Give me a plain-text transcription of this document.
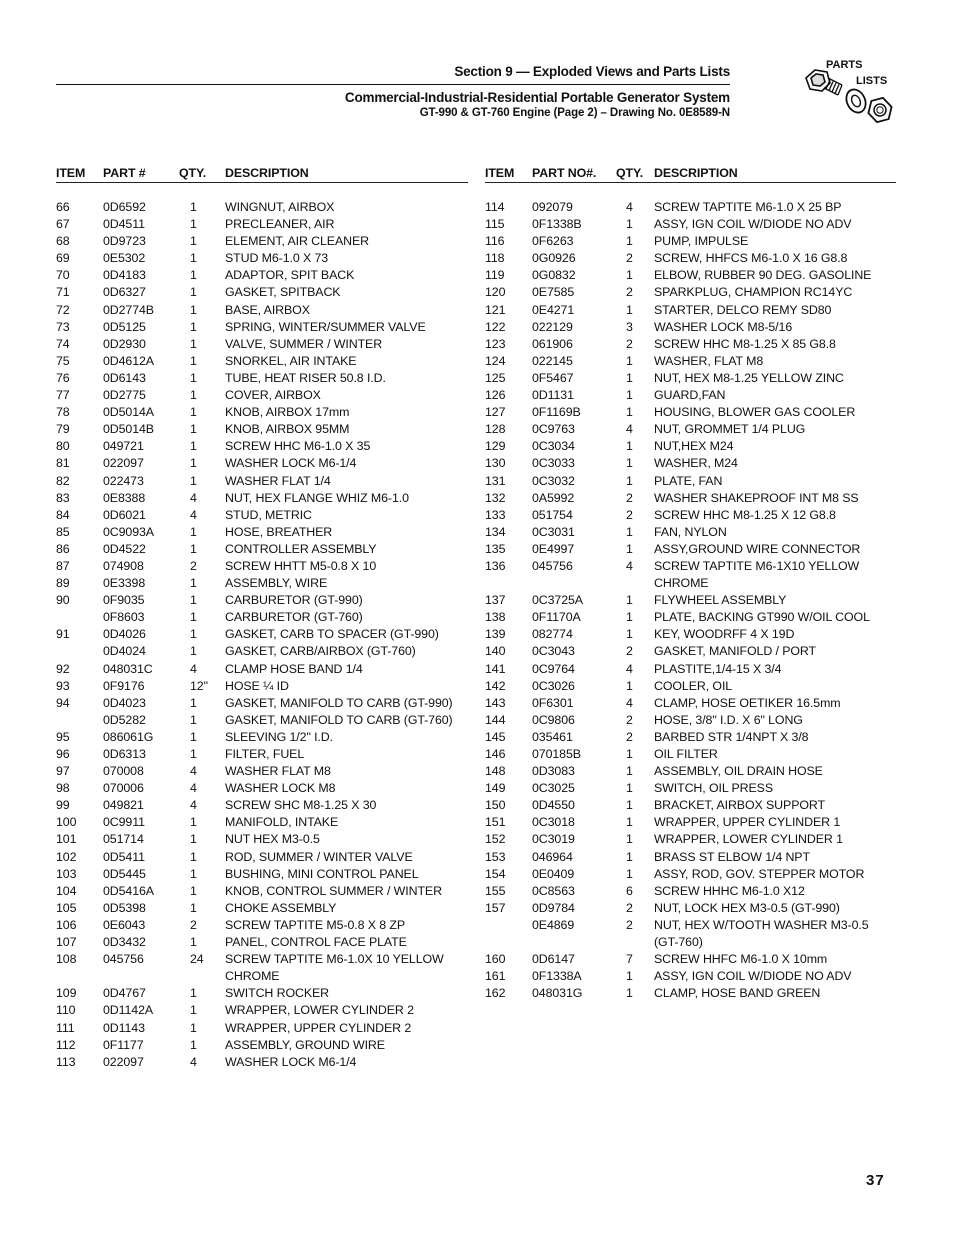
Section 9 — Exploded Views and Parts Lists
Commercial-Industrial-Residential Portable Generator System
GT-990 & GT-760 Engine (Page 2) – Drawing No. 0E8589-N
PARTS
LISTS
ITEM	PART #	QTY.	DESCRIPTION

66	0D6592	1	WINGNUT, AIRBOX
67	0D4511	1	PRECLEANER, AIR
68	0D9723	1	ELEMENT, AIR CLEANER
69	0E5302	1	STUD M6-1.0 X 73
70	0D4183	1	ADAPTOR, SPIT BACK
71	0D6327	1	GASKET, SPITBACK
72	0D2774B	1	BASE, AIRBOX
73	0D5125	1	SPRING, WINTER/SUMMER VALVE
74	0D2930	1	VALVE, SUMMER / WINTER
75	0D4612A	1	SNORKEL, AIR INTAKE
76	0D6143	1	TUBE, HEAT RISER 50.8 I.D.
77	0D2775	1	COVER, AIRBOX
78	0D5014A	1	KNOB, AIRBOX 17mm
79	0D5014B	1	KNOB, AIRBOX 95MM
80	049721	1	SCREW HHC M6-1.0 X 35
81	022097	1	WASHER LOCK M6-1/4
82	022473	1	WASHER FLAT 1/4
83	0E8388	4	NUT, HEX FLANGE WHIZ M6-1.0
84	0D6021	4	STUD, METRIC
85	0C9093A	1	HOSE, BREATHER
86	0D4522	1	CONTROLLER ASSEMBLY
87	074908	2	SCREW HHTT M5-0.8 X 10
89	0E3398	1	ASSEMBLY, WIRE
90	0F9035	1	CARBURETOR (GT-990)
	0F8603	1	CARBURETOR (GT-760)
91	0D4026	1	GASKET, CARB TO SPACER (GT-990)
	0D4024	1	GASKET, CARB/AIRBOX (GT-760)
92	048031C	4	CLAMP HOSE BAND 1/4
93	0F9176	12"	HOSE ¼ ID
94	0D4023	1	GASKET, MANIFOLD TO CARB (GT-990)
	0D5282	1	GASKET, MANIFOLD TO CARB (GT-760)
95	086061G	1	SLEEVING 1/2" I.D.
96	0D6313	1	FILTER, FUEL
97	070008	4	WASHER FLAT M8
98	070006	4	WASHER LOCK M8
99	049821	4	SCREW SHC M8-1.25 X 30
100	0C9911	1	MANIFOLD, INTAKE
101	051714	1	NUT HEX M3-0.5
102	0D5411	1	ROD, SUMMER / WINTER VALVE
103	0D5445	1	BUSHING, MINI CONTROL PANEL
104	0D5416A	1	KNOB, CONTROL SUMMER / WINTER
105	0D5398	1	CHOKE ASSEMBLY
106	0E6043	2	SCREW TAPTITE M5-0.8 X 8 ZP
107	0D3432	1	PANEL, CONTROL FACE PLATE
108	045756	24	SCREW TAPTITE M6-1.0X 10 YELLOW CHROME
109	0D4767	1	SWITCH ROCKER
110	0D1142A	1	WRAPPER, LOWER CYLINDER 2
111	0D1143	1	WRAPPER, UPPER CYLINDER 2
112	0F1177	1	ASSEMBLY, GROUND WIRE
113	022097	4	WASHER LOCK M6-1/4
ITEM	PART NO#.	QTY.	DESCRIPTION

114	092079	4	SCREW TAPTITE M6-1.0 X 25 BP
115	0F1338B	1	ASSY, IGN COIL W/DIODE NO ADV
116	0F6263	1	PUMP, IMPULSE
118	0G0926	2	SCREW, HHFCS M6-1.0 X 16 G8.8
119	0G0832	1	ELBOW, RUBBER 90 DEG. GASOLINE
120	0E7585	2	SPARKPLUG, CHAMPION RC14YC
121	0E4271	1	STARTER, DELCO REMY SD80
122	022129	3	WASHER LOCK M8-5/16
123	061906	2	SCREW HHC M8-1.25 X 85 G8.8
124	022145	1	WASHER, FLAT M8
125	0F5467	1	NUT, HEX M8-1.25 YELLOW ZINC
126	0D1131	1	GUARD,FAN
127	0F1169B	1	HOUSING, BLOWER GAS COOLER
128	0C9763	4	NUT, GROMMET 1/4 PLUG
129	0C3034	1	NUT,HEX M24
130	0C3033	1	WASHER, M24
131	0C3032	1	PLATE, FAN
132	0A5992	2	WASHER SHAKEPROOF INT M8 SS
133	051754	2	SCREW HHC M8-1.25 X 12 G8.8
134	0C3031	1	FAN, NYLON
135	0E4997	1	ASSY,GROUND WIRE CONNECTOR
136	045756	4	SCREW TAPTITE M6-1X10 YELLOW CHROME
137	0C3725A	1	FLYWHEEL ASSEMBLY
138	0F1170A	1	PLATE, BACKING GT990 W/OIL COOL
139	082774	1	KEY, WOODRFF 4 X 19D
140	0C3043	2	GASKET, MANIFOLD / PORT
141	0C9764	4	PLASTITE,1/4-15 X 3/4
142	0C3026	1	COOLER, OIL
143	0F6301	4	CLAMP, HOSE OETIKER 16.5mm
144	0C9806	2	HOSE, 3/8" I.D. X 6" LONG
145	035461	2	BARBED STR 1/4NPT X 3/8
146	070185B	1	OIL FILTER
148	0D3083	1	ASSEMBLY, OIL DRAIN HOSE
149	0C3025	1	SWITCH, OIL PRESS
150	0D4550	1	BRACKET, AIRBOX SUPPORT
151	0C3018	1	WRAPPER, UPPER CYLINDER 1
152	0C3019	1	WRAPPER, LOWER CYLINDER 1
153	046964	1	BRASS ST ELBOW 1/4 NPT
154	0E0409	1	ASSY, ROD, GOV. STEPPER MOTOR
155	0C8563	6	SCREW HHHC M6-1.0 X12
157	0D9784	2	NUT, LOCK HEX M3-0.5 (GT-990)
	0E4869	2	NUT, HEX W/TOOTH WASHER M3-0.5 (GT-760)
160	0D6147	7	SCREW HHFC M6-1.0 X 10mm
161	0F1338A	1	ASSY, IGN COIL W/DIODE NO ADV
162	048031G	1	CLAMP, HOSE BAND GREEN
37
